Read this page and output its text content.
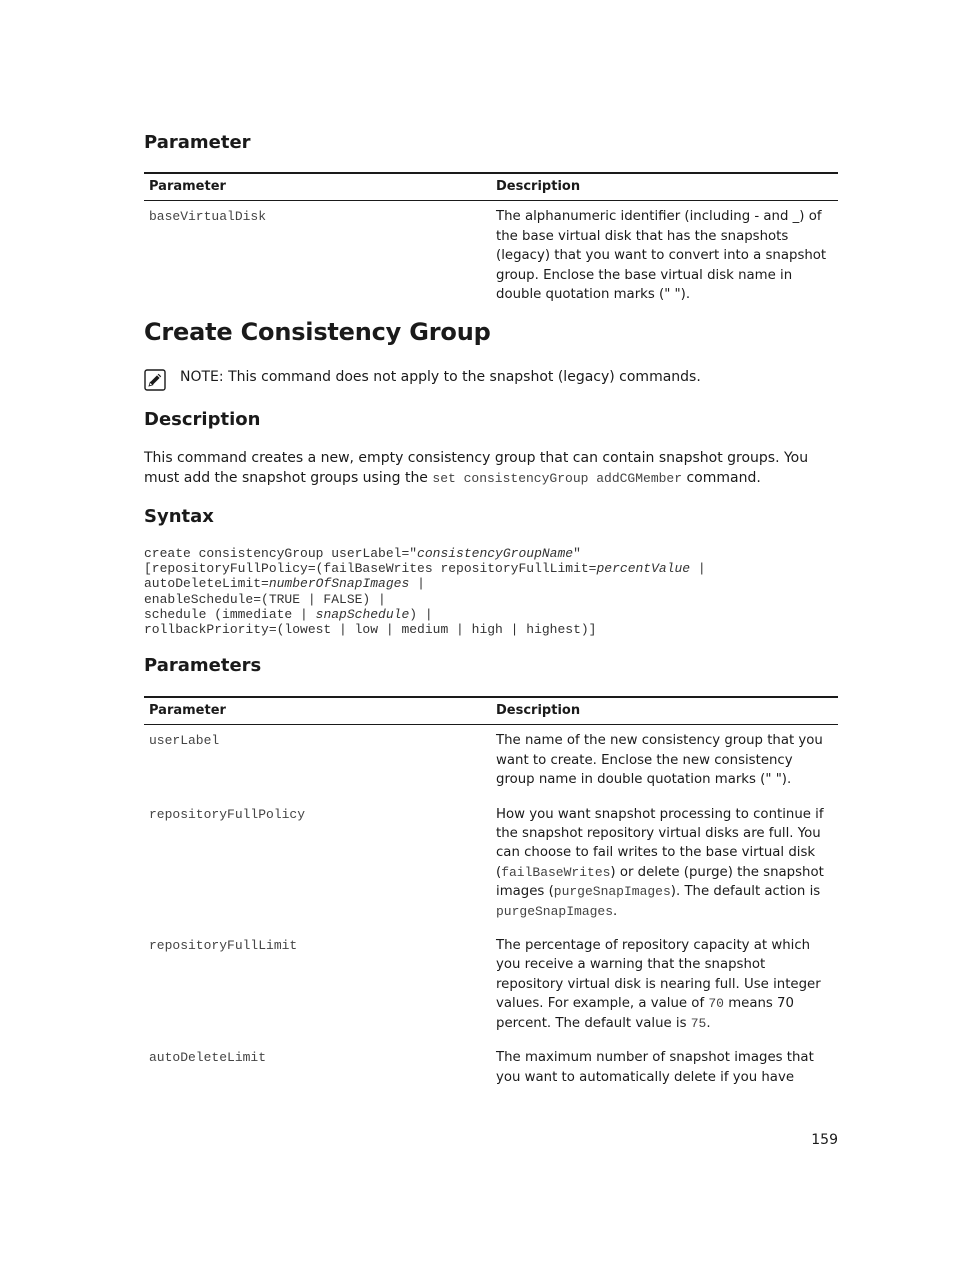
Parameter
Parameter	Description
baseVirtualDisk	The alphanumeric identifier (including - and _) of the base virtual disk that has the snapshots (legacy) that you want to convert into a snapshot group. Enclose the base virtual disk name in double quotation marks (" ").
Create Consistency Group
NOTE: This command does not apply to the snapshot (legacy) commands.
Description

This command creates a new, empty consistency group that can contain snapshot groups. You must add the snapshot groups using the set consistencyGroup addCGMember command.

Syntax
create consistencyGroup userLabel="consistencyGroupName"
[repositoryFullPolicy=(failBaseWrites repositoryFullLimit=percentValue |
autoDeleteLimit=numberOfSnapImages |
enableSchedule=(TRUE | FALSE) |
schedule (immediate | snapSchedule) |
rollbackPriority=(lowest | low | medium | high | highest)]
Parameters
Parameter	Description
userLabel	The name of the new consistency group that you want to create. Enclose the new consistency group name in double quotation marks (" ").
repositoryFullPolicy	How you want snapshot processing to continue if the snapshot repository virtual disks are full. You can choose to fail writes to the base virtual disk (failBaseWrites) or delete (purge) the snapshot images (purgeSnapImages). The default action is purgeSnapImages.
repositoryFullLimit	The percentage of repository capacity at which you receive a warning that the snapshot repository virtual disk is nearing full. Use integer values. For example, a value of 70 means 70 percent. The default value is 75.
autoDeleteLimit	The maximum number of snapshot images that you want to automatically delete if you have
159
